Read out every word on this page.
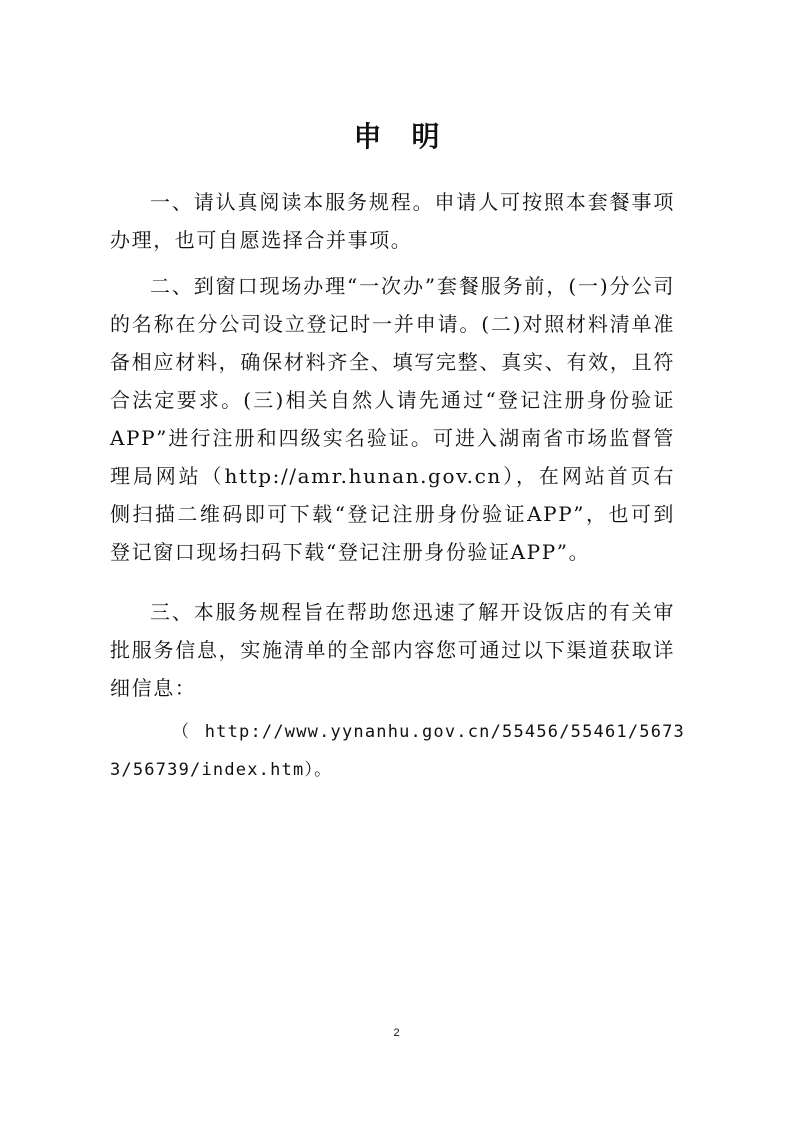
申明

一、请认真阅读本服务规程。申请人可按照本套餐事项办理，也可自愿选择合并事项。

二、到窗口现场办理“一次办”套餐服务前，(一)分公司的名称在分公司设立登记时一并申请。(二)对照材料清单准备相应材料，确保材料齐全、填写完整、真实、有效，且符合法定要求。(三)相关自然人请先通过“登记注册身份验证APP”进行注册和四级实名验证。可进入湖南省市场监督管理局网站（http://amr.hunan.gov.cn），在网站首页右侧扫描二维码即可下载“登记注册身份验证APP”，也可到登记窗口现场扫码下载“登记注册身份验证APP”。

三、本服务规程旨在帮助您迅速了解开设饭店的有关审批服务信息，实施清单的全部内容您可通过以下渠道获取详细信息：

（http://www.yynanhu.gov.cn/55456/55461/56733/56739/index.htm）。

2
